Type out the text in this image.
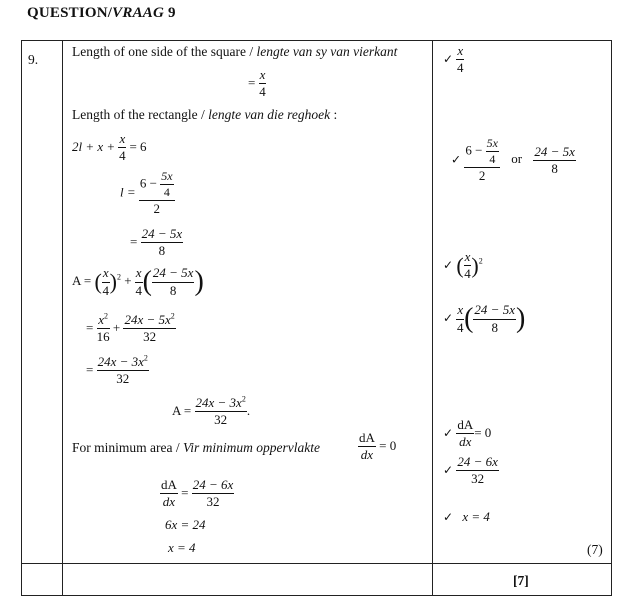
QUESTION/VRAAG 9
9.
Length of one side of the square / lengte van sy van vierkant
= $\frac{x}{4}$
✓ $\frac{x}{4}$
Length of the rectangle / lengte van die reghoek :
$2l + x + \frac{x}{4} = 6$
$l = \frac{6 - \frac{5x}{4}}{2}$
= $\frac{24 - 5x}{8}$
✓ $\frac{6 - \frac{5x}{4}}{2}$ or $\frac{24 - 5x}{8}$
A = ( $\frac{x}{4} )^2 + \frac{x}{4}$ ( $\frac{24 - 5x}{8}$ )
✓ ( $\frac{x}{4} )^2$
= $\frac{x^2}{16} + \frac{24x - 5x^2}{32}$	✓ $\frac{x}{4}$ ( $\frac{24 - 5x}{8}$ )
= $\frac{24x - 3x^2}{32}$
$A = \frac{24x - 3x^2}{32}$ .
For minimum area / Vir minimum oppervlakte	$\frac{dA}{dx} = 0$
✓ $\frac{dA}{dx} = 0$
✓ $\frac{24 - 6x}{32}$
$\frac{dA}{dx} = \frac{24 - 6x}{32}$
6x = 24
x = 4
✓ x = 4
(7)
[7]
